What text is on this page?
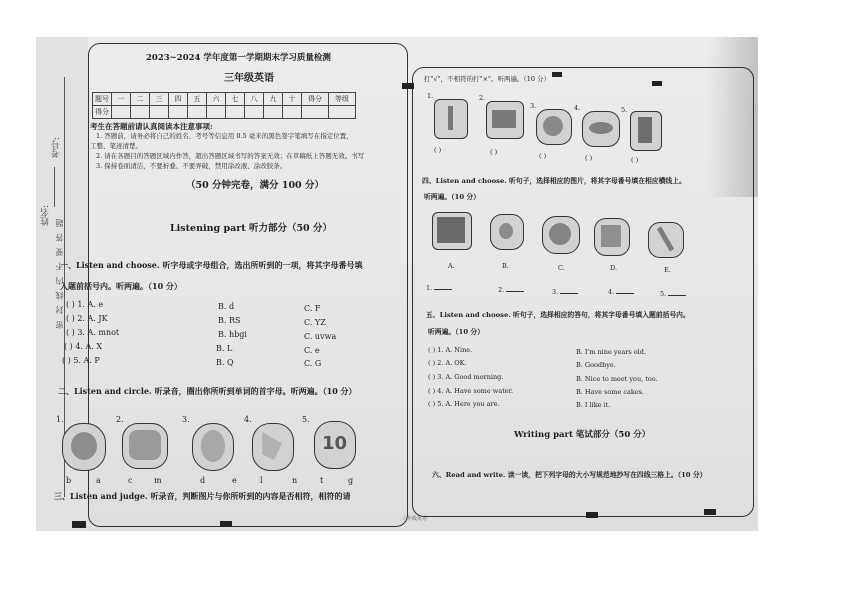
考号:
姓名:
密 封 线 内 不 要 答 题
2023~2024 学年度第一学期期末学习质量检测
三年级英语
题号	一	二	三	四	五	六	七	八	九	十	得分	等级
得分												
考生在答题前请认真阅读本注意事项:
1. 答题前，请务必将自己的姓名、考号等信息用 0.5 毫米的黑色签字笔填写在指定位置，
工整、笔迹清楚。
2. 请在各题目的答题区域内作答，超出答题区域书写的答案无效；在草稿纸上答题无效。书写
3. 保持卷面清洁，不要折叠、不要弄破，禁用涂改液、涂改胶条。
（50 分钟完卷，满分 100 分）
Listening part 听力部分（50 分）
一、Listen and choose. 听字母或字母组合，选出所听到的一项，将其字母番号填
入题前括号内。听两遍。（10 分）
( ) 1. A. e	B. d	C. F
( ) 2. A. JK	B. RS	C. YZ
( ) 3. A. mnot	B. hbgi	C. uvwa
( ) 4. A. X	B. L	C. e
( ) 5. A. P	B. Q	C. G
二、Listen and circle. 听录音，圈出你所听到单词的首字母。听两遍。（10 分）
1.	2.	3.	4.	5.
10
b	a	c	m	d	e	l	n	t	g
三、Listen and judge. 听录音，判断图片与你所听到的内容是否相符，相符的请
打"√"，不相符的打"×"。听两遍。（10 分）
1.	2.
3.	4.	5.
( )	( )	( )	( )	( )
四、Listen and choose. 听句子，选择相应的图片，将其字母番号填在相应横线上。
听两遍。（10 分）
A.	B.	C.	D.	E.
1.	2.	3.	4.	5.
五、Listen and choose. 听句子，选择相应的答句，将其字母番号填入题前括号内。
听两遍。（10 分）
( ) 1. A. Nine.	B. I'm nine years old.
( ) 2. A. OK.	B. Goodbye.
( ) 3. A. Good morning.	B. Nice to meet you, too.
( ) 4. A. Have some water.	B. Have some cakes.
( ) 5. A. Here you are.	B. I like it.
Writing part 笔试部分（50 分）
六、Read and write. 读一读，把下列字母的大小写规范地抄写在四线三格上。（10 分）
三年级英语
